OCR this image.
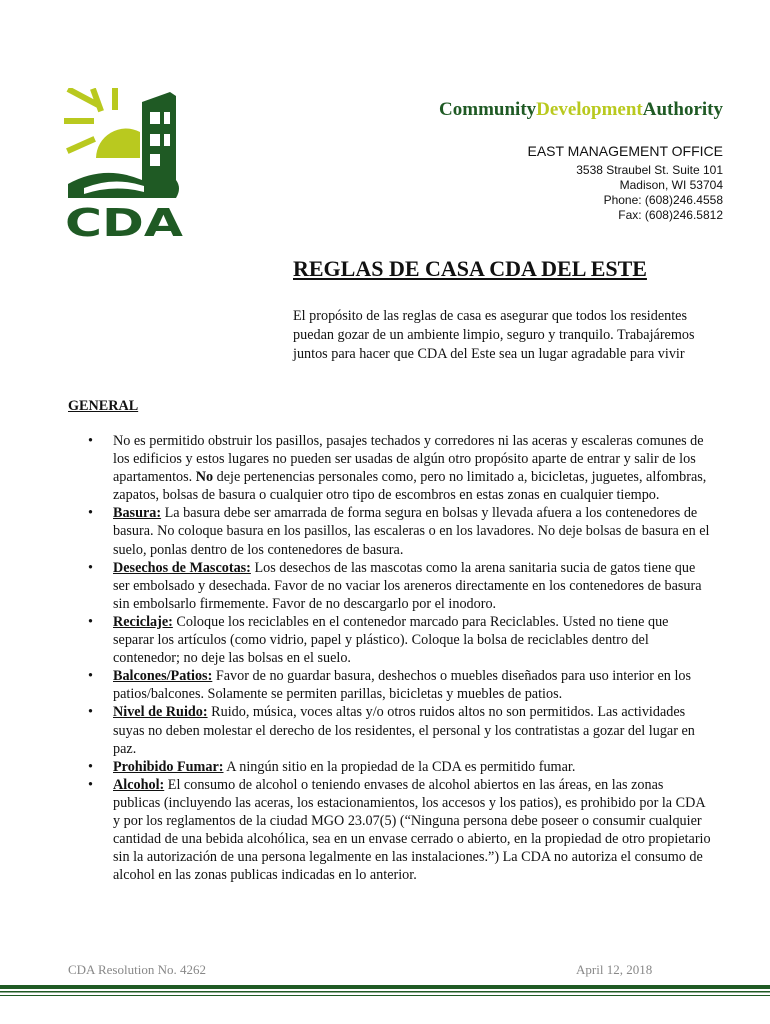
CDA
CommunityDevelopmentAuthority
EAST MANAGEMENT OFFICE
3538 Straubel St. Suite 101
Madison, WI 53704
Phone: (608)246.4558
Fax: (608)246.5812
REGLAS DE CASA CDA DEL ESTE
El propósito de las reglas de casa es asegurar que todos los residentes puedan gozar de un ambiente limpio, seguro y tranquilo. Trabajáremos juntos para hacer que CDA del Este sea un lugar agradable para vivir
GENERAL
• No es permitido obstruir los pasillos, pasajes techados y corredores ni las aceras y escaleras comunes de los edificios y estos lugares no pueden ser usadas de algún otro propósito aparte de entrar y salir de los apartamentos. No deje pertenencias personales como, pero no limitado a, bicicletas, juguetes, alfombras, zapatos, bolsas de basura o cualquier otro tipo de escombros en estas zonas en cualquier tiempo.
• Basura: La basura debe ser amarrada de forma segura en bolsas y llevada afuera a los contenedores de basura. No coloque basura en los pasillos, las escaleras o en los lavadores. No deje bolsas de basura en el suelo, ponlas dentro de los contenedores de basura.
• Desechos de Mascotas: Los desechos de las mascotas como la arena sanitaria sucia de gatos tiene que ser embolsado y desechada. Favor de no vaciar los areneros directamente en los contenedores de basura sin embolsarlo firmemente. Favor de no descargarlo por el inodoro.
• Reciclaje: Coloque los reciclables en el contenedor marcado para Reciclables. Usted no tiene que separar los artículos (como vidrio, papel y plástico). Coloque la bolsa de reciclables dentro del contenedor; no deje las bolsas en el suelo.
• Balcones/Patios: Favor de no guardar basura, deshechos o muebles diseñados para uso interior en los patios/balcones. Solamente se permiten parillas, bicicletas y muebles de patios.
• Nivel de Ruido: Ruido, música, voces altas y/o otros ruidos altos no son permitidos. Las actividades suyas no deben molestar el derecho de los residentes, el personal y los contratistas a gozar del lugar en paz.
• Prohibido Fumar: A ningún sitio en la propiedad de la CDA es permitido fumar.
• Alcohol: El consumo de alcohol o teniendo envases de alcohol abiertos en las áreas, en las zonas publicas (incluyendo las aceras, los estacionamientos, los accesos y los patios), es prohibido por la CDA y por los reglamentos de la ciudad MGO 23.07(5) (“Ninguna persona debe poseer o consumir cualquier cantidad de una bebida alcohólica, sea en un envase cerrado o abierto, en la propiedad de otro propietario sin la autorización de una persona legalmente en las instalaciones.”) La CDA no autoriza el consumo de alcohol en las zonas publicas indicadas en lo anterior.
CDA Resolution No. 4262	April 12, 2018
